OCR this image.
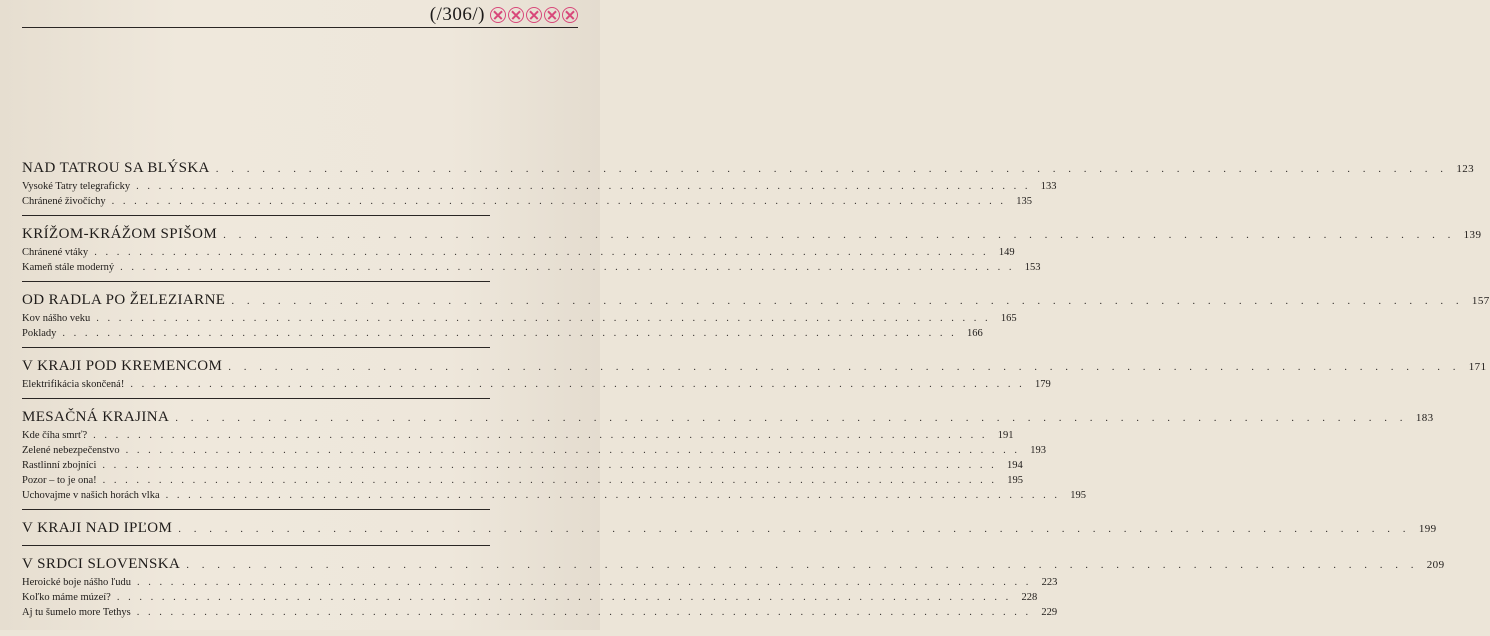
(/306/)
NAD TATROU SA BLÝSKA . . . . . . . . . . . . . . . . . . . . . . . . . . . . . . . . . . . . . . . . . . . . . . . . . . . . . . . . . . . . . . . . . . . . . . . . . . . . . . . . 123
Vysoké Tatry telegraficky . . . . . . . . . . . . . . . . . . . . . . . . . . . . . . . . . . . . . . . . . . . . . . . . . . . . . . . . . . . . . . . . . . . . . . . . . . . . . . . . 133
Chránené živočíchy . . . . . . . . . . . . . . . . . . . . . . . . . . . . . . . . . . . . . . . . . . . . . . . . . . . . . . . . . . . . . . . . . . . . . . . . . . . . . . . . 135
KRÍŽOM-KRÁŽOM SPIŠOM . . . . . . . . . . . . . . . . . . . . . . . . . . . . . . . . . . . . . . . . . . . . . . . . . . . . . . . . . . . . . . . . . . . . . . . . . . . . . . . . 139
Chránené vtáky . . . . . . . . . . . . . . . . . . . . . . . . . . . . . . . . . . . . . . . . . . . . . . . . . . . . . . . . . . . . . . . . . . . . . . . . . . . . . . . . 149
Kameň stále moderný . . . . . . . . . . . . . . . . . . . . . . . . . . . . . . . . . . . . . . . . . . . . . . . . . . . . . . . . . . . . . . . . . . . . . . . . . . . . . . . . 153
OD RADLA PO ŽELEZIARNE . . . . . . . . . . . . . . . . . . . . . . . . . . . . . . . . . . . . . . . . . . . . . . . . . . . . . . . . . . . . . . . . . . . . . . . . . . . . . . . . 157
Kov nášho veku . . . . . . . . . . . . . . . . . . . . . . . . . . . . . . . . . . . . . . . . . . . . . . . . . . . . . . . . . . . . . . . . . . . . . . . . . . . . . . . . 165
Poklady . . . . . . . . . . . . . . . . . . . . . . . . . . . . . . . . . . . . . . . . . . . . . . . . . . . . . . . . . . . . . . . . . . . . . . . . . . . . . . . . 166
V KRAJI POD KREMENCOM . . . . . . . . . . . . . . . . . . . . . . . . . . . . . . . . . . . . . . . . . . . . . . . . . . . . . . . . . . . . . . . . . . . . . . . . . . . . . . . . 171
Elektrifikácia skončená! . . . . . . . . . . . . . . . . . . . . . . . . . . . . . . . . . . . . . . . . . . . . . . . . . . . . . . . . . . . . . . . . . . . . . . . . . . . . . . . . 179
MESAČNÁ KRAJINA . . . . . . . . . . . . . . . . . . . . . . . . . . . . . . . . . . . . . . . . . . . . . . . . . . . . . . . . . . . . . . . . . . . . . . . . . . . . . . . . 183
Kde číha smrť? . . . . . . . . . . . . . . . . . . . . . . . . . . . . . . . . . . . . . . . . . . . . . . . . . . . . . . . . . . . . . . . . . . . . . . . . . . . . . . . . 191
Zelené nebezpečenstvo . . . . . . . . . . . . . . . . . . . . . . . . . . . . . . . . . . . . . . . . . . . . . . . . . . . . . . . . . . . . . . . . . . . . . . . . . . . . . . . . 193
Rastlinní zbojníci . . . . . . . . . . . . . . . . . . . . . . . . . . . . . . . . . . . . . . . . . . . . . . . . . . . . . . . . . . . . . . . . . . . . . . . . . . . . . . . . 194
Pozor – to je ona! . . . . . . . . . . . . . . . . . . . . . . . . . . . . . . . . . . . . . . . . . . . . . . . . . . . . . . . . . . . . . . . . . . . . . . . . . . . . . . . . 195
Uchovajme v našich horách vlka . . . . . . . . . . . . . . . . . . . . . . . . . . . . . . . . . . . . . . . . . . . . . . . . . . . . . . . . . . . . . . . . . . . . . . . . . . . . . . . . 195
V KRAJI NAD IPĽOM . . . . . . . . . . . . . . . . . . . . . . . . . . . . . . . . . . . . . . . . . . . . . . . . . . . . . . . . . . . . . . . . . . . . . . . . . . . . . . . . 199
V SRDCI SLOVENSKA . . . . . . . . . . . . . . . . . . . . . . . . . . . . . . . . . . . . . . . . . . . . . . . . . . . . . . . . . . . . . . . . . . . . . . . . . . . . . . . . 209
Heroické boje nášho ľudu . . . . . . . . . . . . . . . . . . . . . . . . . . . . . . . . . . . . . . . . . . . . . . . . . . . . . . . . . . . . . . . . . . . . . . . . . . . . . . . . 223
Koľko máme múzeí? . . . . . . . . . . . . . . . . . . . . . . . . . . . . . . . . . . . . . . . . . . . . . . . . . . . . . . . . . . . . . . . . . . . . . . . . . . . . . . . . 228
Aj tu šumelo more Tethys . . . . . . . . . . . . . . . . . . . . . . . . . . . . . . . . . . . . . . . . . . . . . . . . . . . . . . . . . . . . . . . . . . . . . . . . . . . . . . . . 229
